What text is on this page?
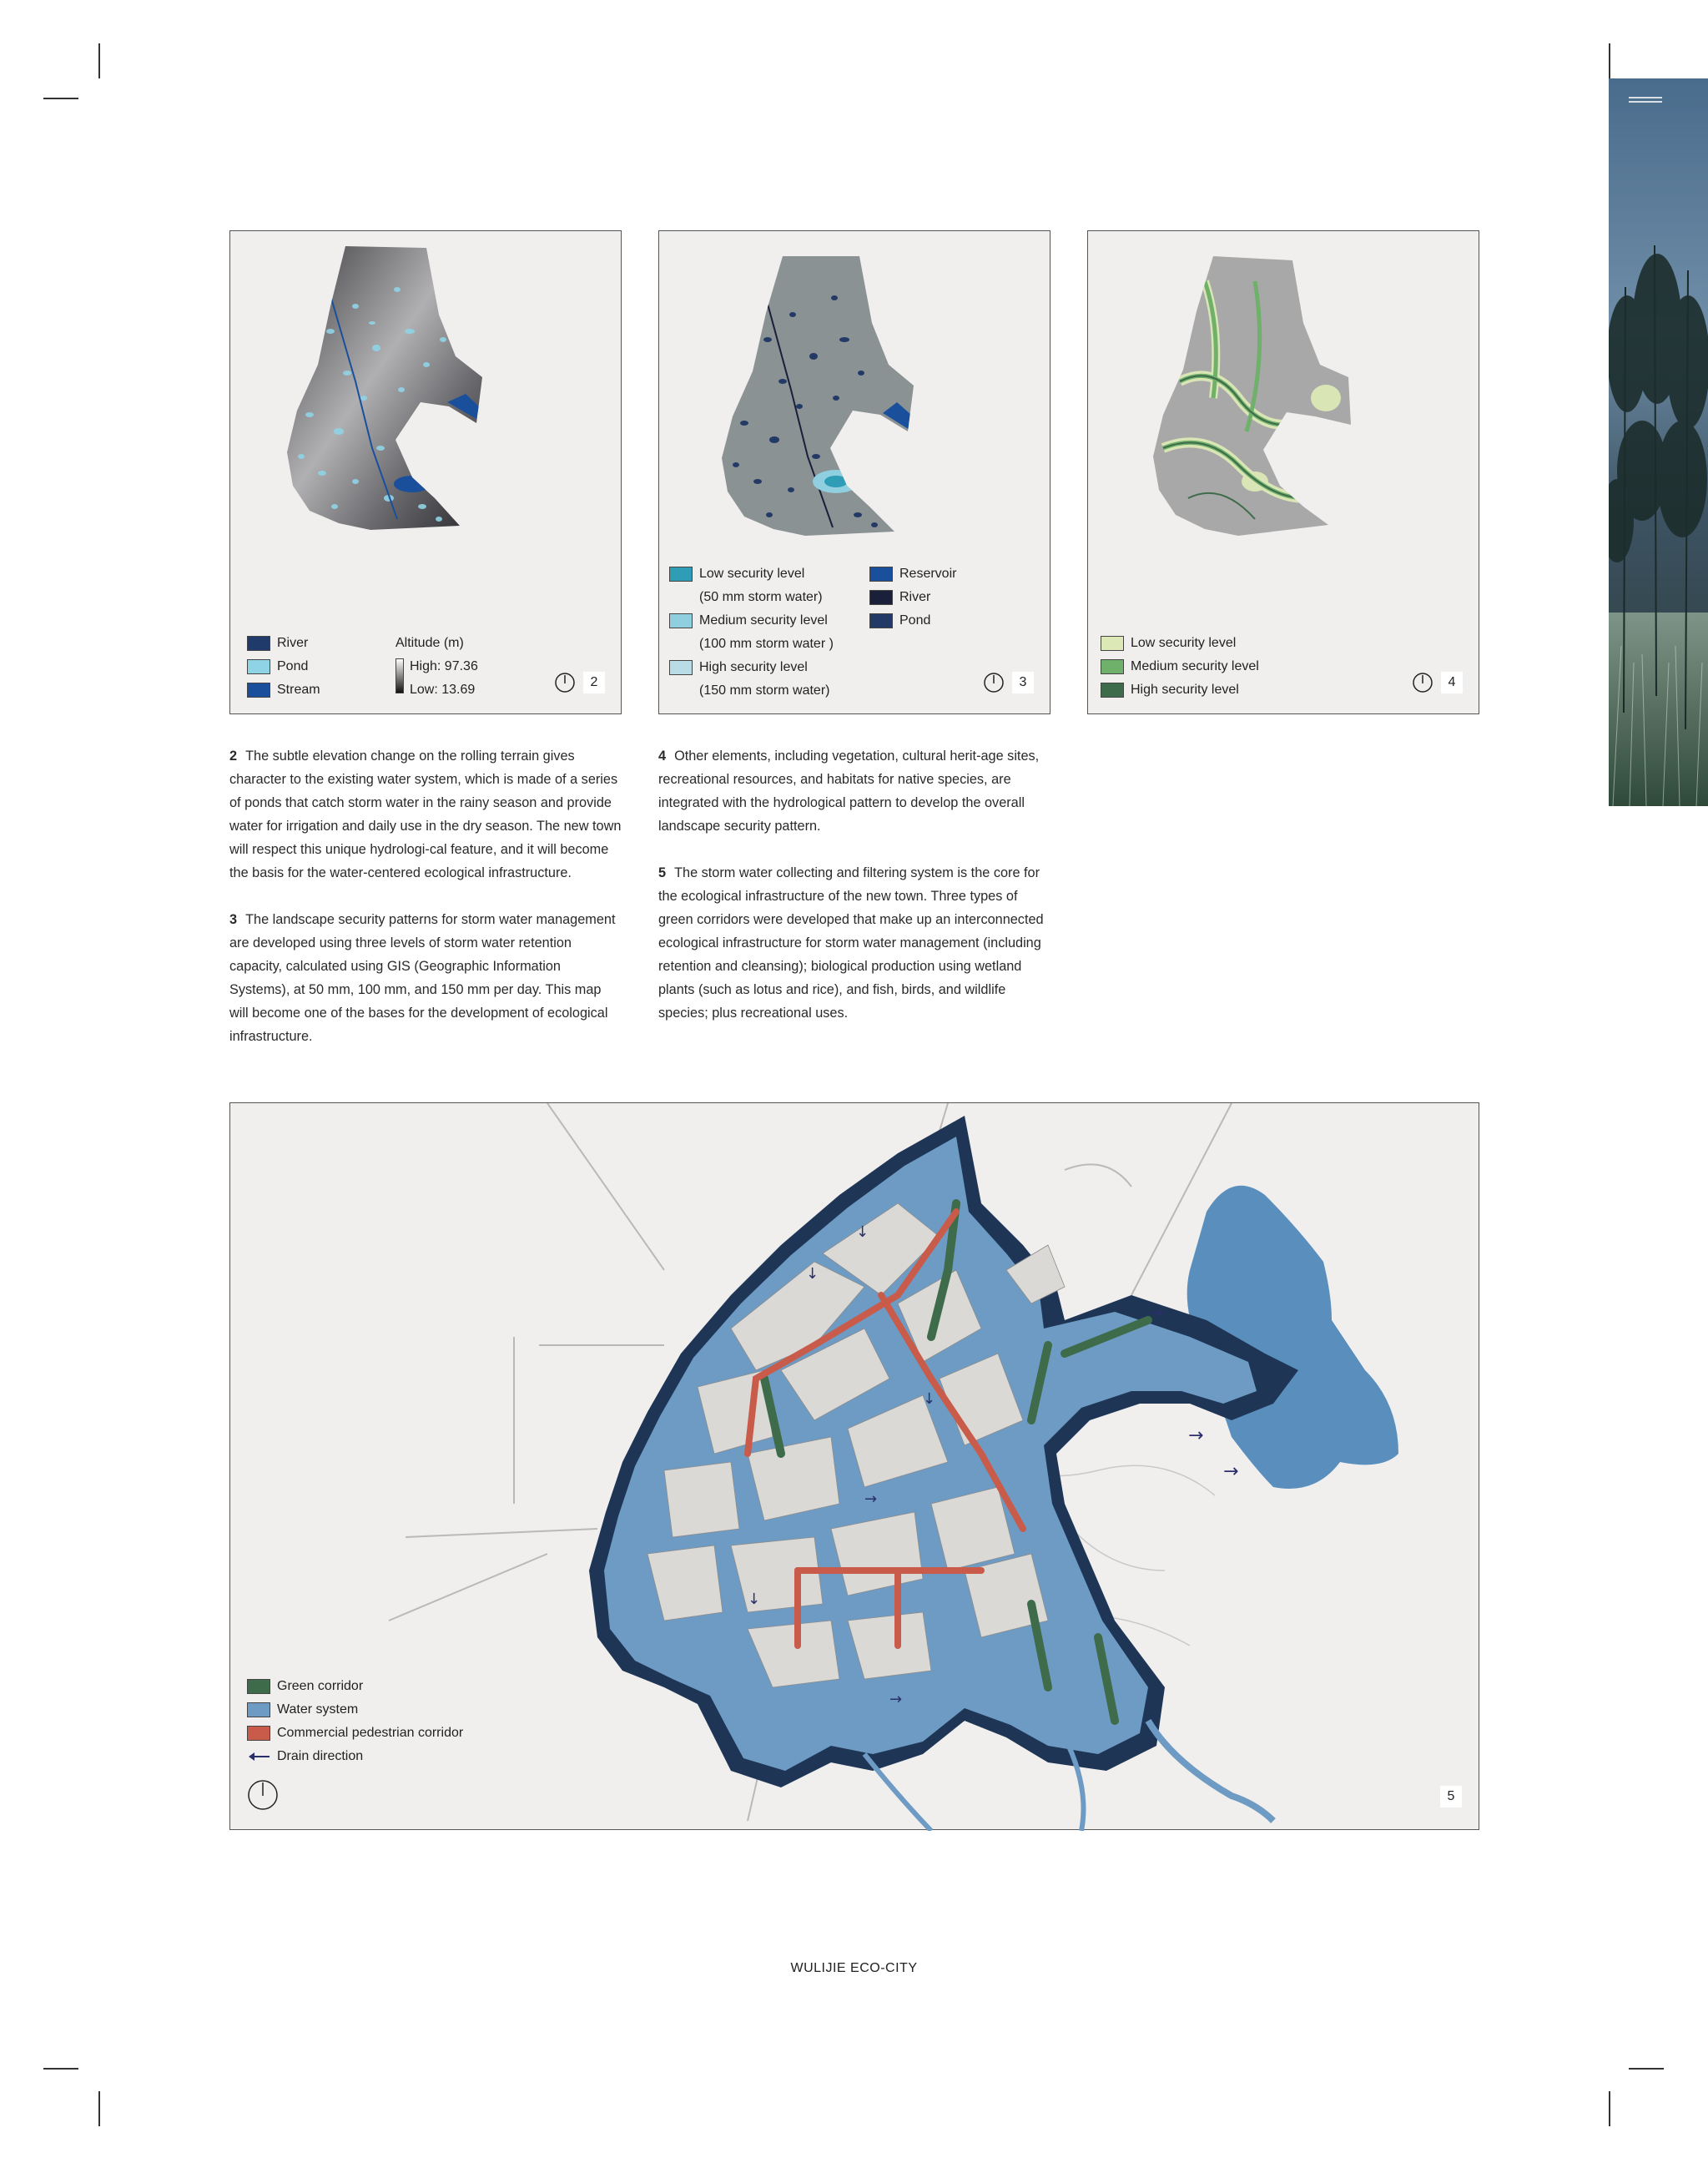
River
Pond
Stream
Altitude (m)
High: 97.36
Low: 13.69
2
Low security level
(50 mm storm water)
Medium security level
(100 mm storm water )
High security level
(150 mm storm water)
Reservoir
River
Pond
3
Low security level
Medium security level
High security level
4

2 The subtle elevation change on the rolling terrain gives character to the existing water system, which is made of a series of ponds that catch storm water in the rainy season and provide water for irrigation and daily use in the dry season. The new town will respect this unique hydrologi-cal feature, and it will become the basis for the water-centered ecological infrastructure.

3 The landscape security patterns for storm water management are developed using three levels of storm water retention capacity, calculated using GIS (Geographic Information Systems), at 50 mm, 100 mm, and 150 mm per day. This map will become one of the bases for the development of ecological infrastructure.

4 Other elements, including vegetation, cultural herit-age sites, recreational resources, and habitats for native species, are integrated with the hydrological pattern to develop the overall landscape security pattern.

5 The storm water collecting and filtering system is the core for the ecological infrastructure of the new town. Three types of green corridors were developed that make up an interconnected ecological infrastructure for storm water management (including retention and cleansing); biological production using wetland plants (such as lotus and rice), and fish, birds, and wildlife species; plus recreational uses.

→
→
→
↓
↓
↓
→
↓
→
Green corridor
Water system
Commercial pedestrian corridor
Drain direction
5
WULIJIE ECO-CITY
